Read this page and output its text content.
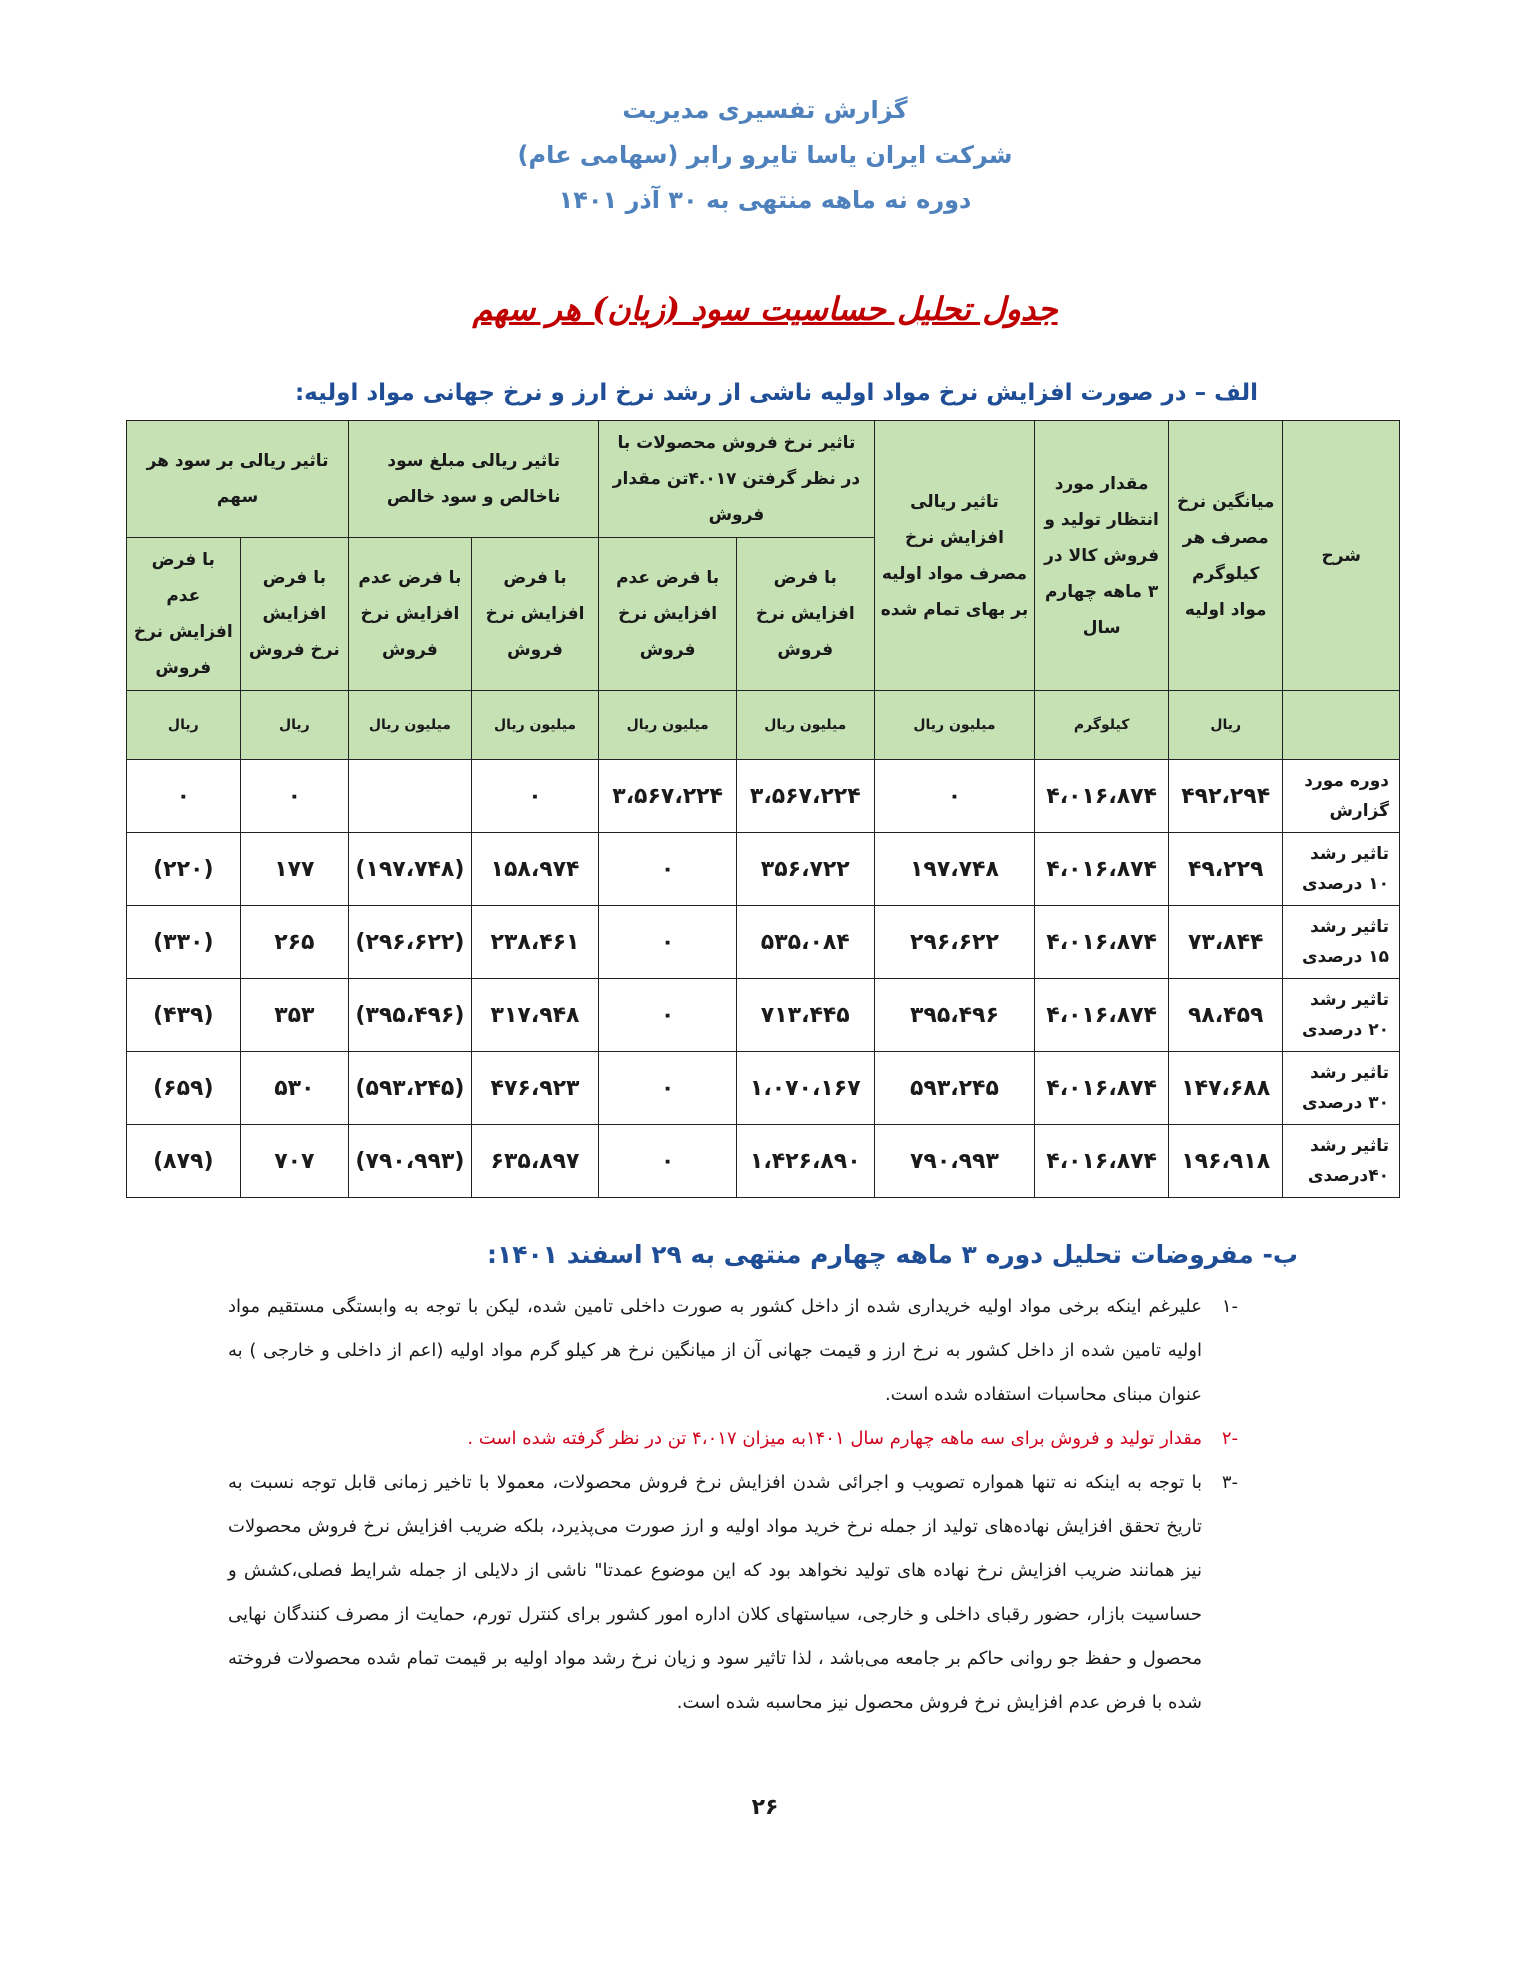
گزارش تفسیری مدیریت
شرکت ایران یاسا تایرو رابر (سهامی عام)
دوره نه ماهه منتهی به ۳۰ آذر ۱۴۰۱
جدول تحلیل حساسیت سود (زیان) هر سهم
الف – در صورت افزایش نرخ مواد اولیه ناشی از رشد نرخ ارز و نرخ جهانی مواد اولیه:
شرح	میانگین نرخ مصرف هر کیلوگرم مواد اولیه	مقدار مورد انتظار تولید و فروش کالا در ۳ ماهه چهارم سال	تاثیر ریالی افزایش نرخ مصرف مواد اولیه بر بهای تمام شده	تاثیر نرخ فروش محصولات با در نظر گرفتن ۴.۰۱۷تن مقدار فروش		تاثیر ریالی مبلغ سود ناخالص و سود خالص		تاثیر ریالی بر سود هر سهم	
				با فرض افزایش نرخ فروش	با فرض عدم افزایش نرخ فروش	با فرض افزایش نرخ فروش	با فرض عدم افزایش نرخ فروش	با فرض افزایش نرخ فروش	با فرض عدم افزایش نرخ فروش
	ریال	کیلوگرم	میلیون ریال	میلیون ریال	میلیون ریال	میلیون ریال	میلیون ریال	ریال	ریال
دوره مورد گزارش	۴۹۲،۲۹۴	۴،۰۱۶،۸۷۴	۰	۳،۵۶۷،۲۲۴	۳،۵۶۷،۲۲۴	۰		۰	۰
تاثیر رشد ۱۰ درصدی	۴۹،۲۲۹	۴،۰۱۶،۸۷۴	۱۹۷،۷۴۸	۳۵۶،۷۲۲	۰	۱۵۸،۹۷۴	(۱۹۷،۷۴۸)	۱۷۷	(۲۲۰)
تاثیر رشد ۱۵ درصدی	۷۳،۸۴۴	۴،۰۱۶،۸۷۴	۲۹۶،۶۲۲	۵۳۵،۰۸۴	۰	۲۳۸،۴۶۱	(۲۹۶،۶۲۲)	۲۶۵	(۳۳۰)
تاثیر رشد ۲۰ درصدی	۹۸،۴۵۹	۴،۰۱۶،۸۷۴	۳۹۵،۴۹۶	۷۱۳،۴۴۵	۰	۳۱۷،۹۴۸	(۳۹۵،۴۹۶)	۳۵۳	(۴۳۹)
تاثیر رشد ۳۰ درصدی	۱۴۷،۶۸۸	۴،۰۱۶،۸۷۴	۵۹۳،۲۴۵	۱،۰۷۰،۱۶۷	۰	۴۷۶،۹۲۳	(۵۹۳،۲۴۵)	۵۳۰	(۶۵۹)
تاثیر رشد ۴۰درصدی	۱۹۶،۹۱۸	۴،۰۱۶،۸۷۴	۷۹۰،۹۹۳	۱،۴۲۶،۸۹۰	۰	۶۳۵،۸۹۷	(۷۹۰،۹۹۳)	۷۰۷	(۸۷۹)
ب- مفروضات تحلیل دوره ۳ ماهه چهارم منتهی به ۲۹ اسفند ۱۴۰۱:
-۱
علیرغم اینکه برخی مواد اولیه خریداری شده از داخل کشور به صورت داخلی تامین شده، لیکن با توجه به وابستگی مستقیم مواد اولیه تامین شده از داخل کشور به نرخ ارز و قیمت جهانی آن از میانگین نرخ هر کیلو گرم مواد اولیه (اعم از داخلی و خارجی ) به عنوان مبنای محاسبات استفاده شده است.
-۲
مقدار تولید و فروش برای سه ماهه چهارم سال ۱۴۰۱به میزان ۴،۰۱۷ تن در نظر گرفته شده است .
-۳
با توجه به اینکه نه تنها همواره تصویب و اجرائی شدن افزایش نرخ فروش محصولات، معمولا با تاخیر زمانی قابل توجه نسبت به تاریخ تحقق افزایش نهاده‌های تولید از جمله نرخ خرید مواد اولیه و ارز صورت می‌پذیرد، بلکه ضریب افزایش نرخ فروش محصولات نیز همانند ضریب افزایش نرخ نهاده های تولید نخواهد بود که این موضوع عمدتا" ناشی از دلایلی از جمله شرایط فصلی،کشش و حساسیت بازار، حضور رقبای داخلی و خارجی، سیاستهای کلان اداره امور کشور برای کنترل تورم، حمایت از مصرف کنندگان نهایی محصول و حفظ جو روانی حاکم بر جامعه می‌باشد ، لذا تاثیر سود و زیان نرخ رشد مواد اولیه بر قیمت تمام شده محصولات فروخته شده با فرض عدم افزایش نرخ فروش محصول نیز محاسبه شده است.
۲۶
